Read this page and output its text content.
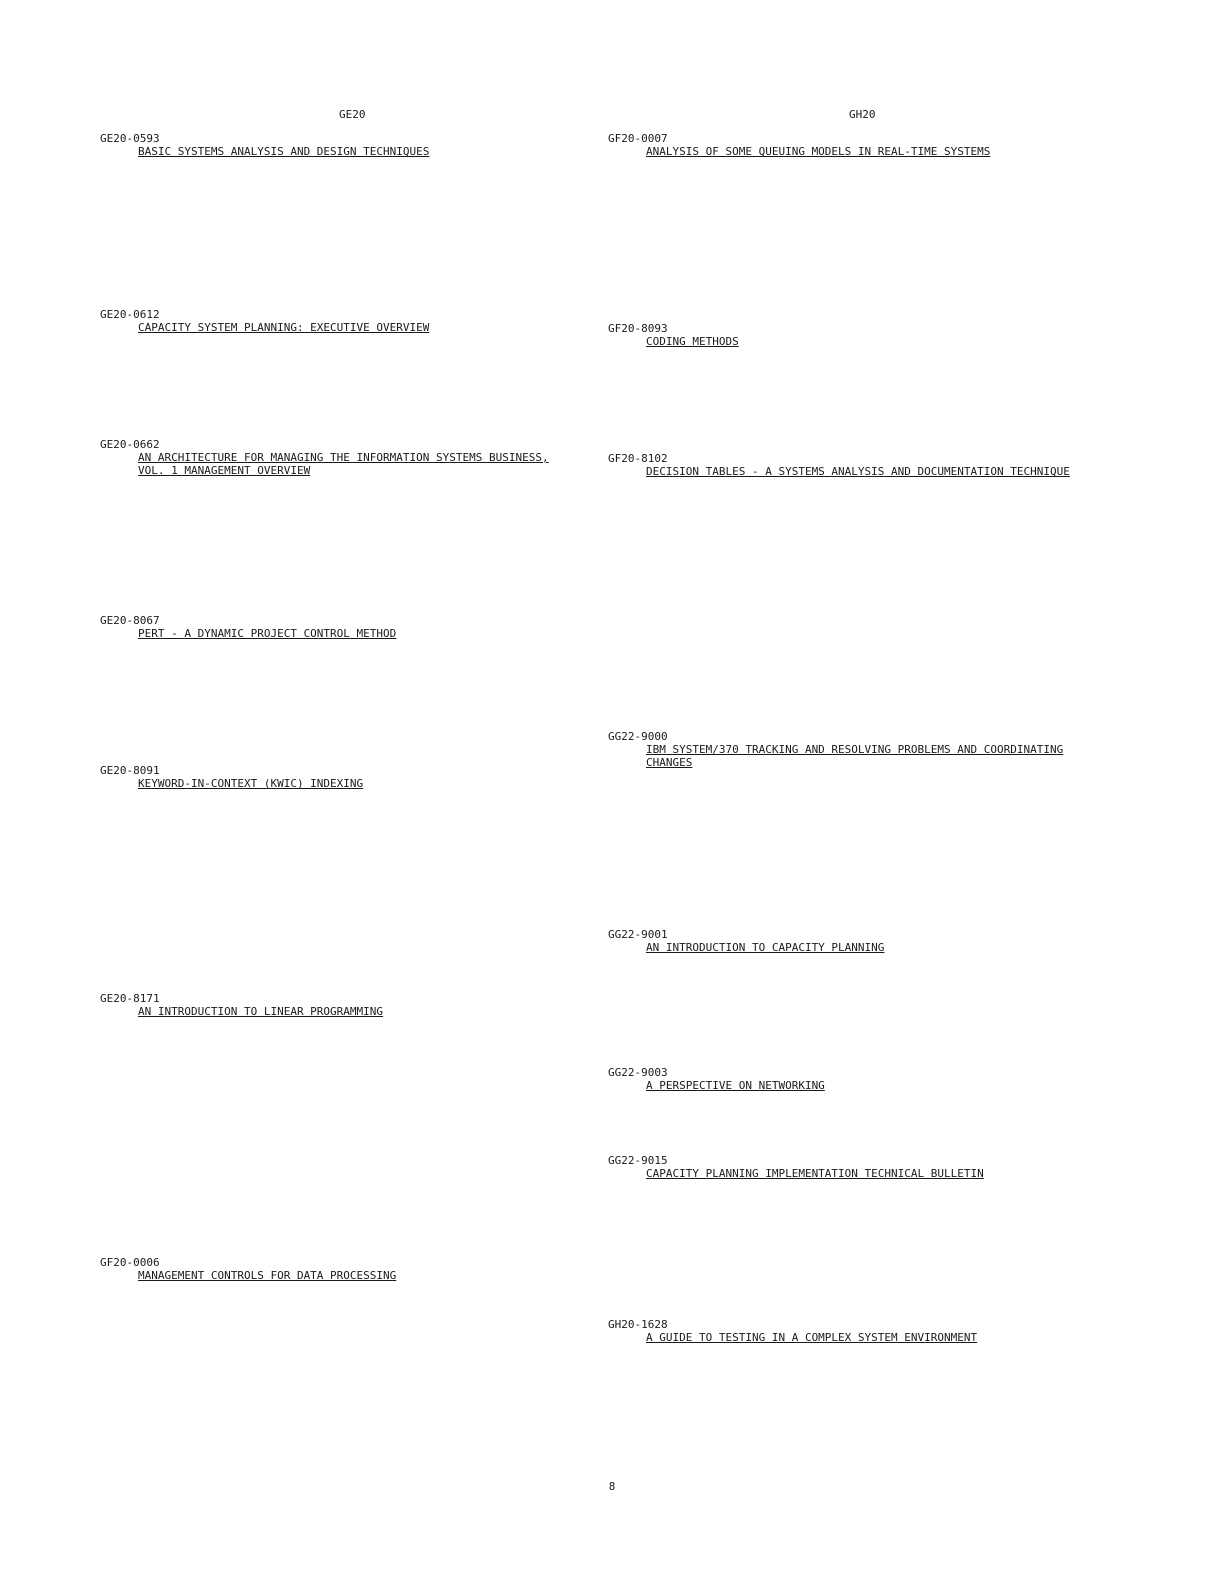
GE20	GH20
GE20-0593
BASIC SYSTEMS ANALYSIS AND DESIGN TECHNIQUES
GE20-0612
CAPACITY SYSTEM PLANNING: EXECUTIVE OVERVIEW
GE20-0662
AN ARCHITECTURE FOR MANAGING THE INFORMATION SYSTEMS BUSINESS, VOL. 1 MANAGEMENT OVERVIEW
GE20-8067
PERT - A DYNAMIC PROJECT CONTROL METHOD
GE20-8091
KEYWORD-IN-CONTEXT (KWIC) INDEXING
GE20-8171
AN INTRODUCTION TO LINEAR PROGRAMMING
GF20-0006
MANAGEMENT CONTROLS FOR DATA PROCESSING
GF20-0007
ANALYSIS OF SOME QUEUING MODELS IN REAL-TIME SYSTEMS
GF20-8093
CODING METHODS
GF20-8102
DECISION TABLES - A SYSTEMS ANALYSIS AND DOCUMENTATION TECHNIQUE
GG22-9000
IBM SYSTEM/370 TRACKING AND RESOLVING PROBLEMS AND COORDINATING CHANGES
GG22-9001
AN INTRODUCTION TO CAPACITY PLANNING
GG22-9003
A PERSPECTIVE ON NETWORKING
GG22-9015
CAPACITY PLANNING IMPLEMENTATION TECHNICAL BULLETIN
GH20-1628
A GUIDE TO TESTING IN A COMPLEX SYSTEM ENVIRONMENT
8
